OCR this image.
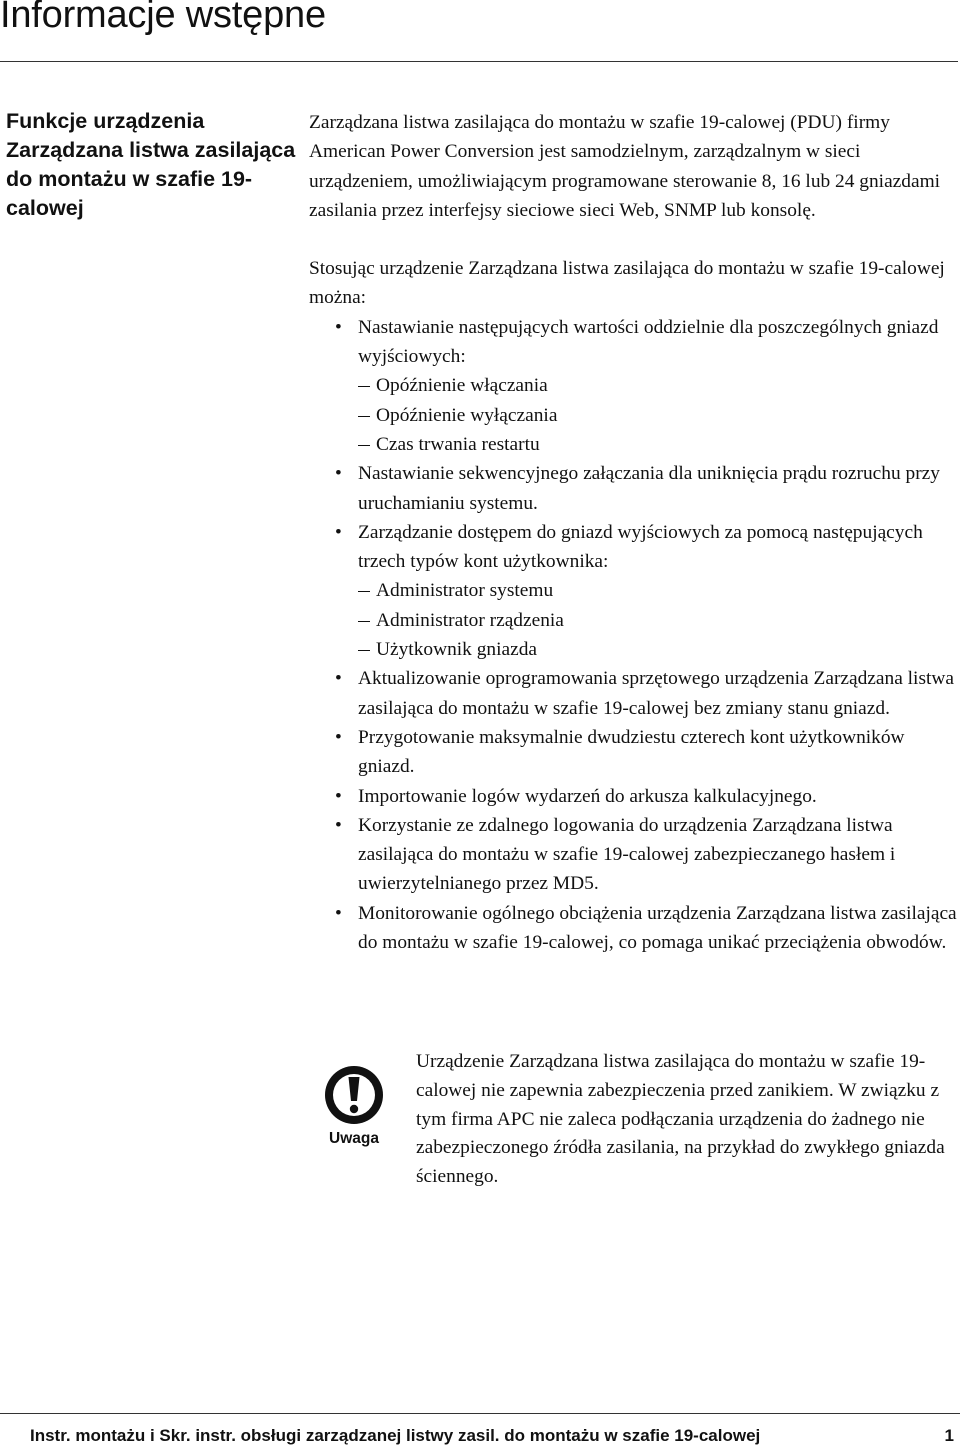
Informacje wstępne
Funkcje urządzenia Zarządzana listwa zasilająca do montażu w szafie 19-calowej

Zarządzana listwa zasilająca do montażu w szafie 19-calowej (PDU) firmy American Power Conversion jest samodzielnym, zarządzalnym w sieci urządzeniem, umożliwiającym programowane sterowanie 8, 16 lub 24 gniazdami zasilania przez interfejsy sieciowe sieci Web, SNMP lub konsolę.

Stosując urządzenie Zarządzana listwa zasilająca do montażu w szafie 19-calowej można:

• Nastawianie następujących wartości oddzielnie dla poszczególnych gniazd wyjściowych:
Opóźnienie włączania
Opóźnienie wyłączania
Czas trwania restartu
• Nastawianie sekwencyjnego załączania dla uniknięcia prądu rozruchu przy uruchamianiu systemu.
• Zarządzanie dostępem do gniazd wyjściowych za pomocą następujących trzech typów kont użytkownika:
Administrator systemu
Administrator rządzenia
Użytkownik gniazda
• Aktualizowanie oprogramowania sprzętowego urządzenia Zarządzana listwa zasilająca do montażu w szafie 19-calowej bez zmiany stanu gniazd.
• Przygotowanie maksymalnie dwudziestu czterech kont użytkowników gniazd.
• Importowanie logów wydarzeń do arkusza kalkulacyjnego.
• Korzystanie ze zdalnego logowania do urządzenia Zarządzana listwa zasilająca do montażu w szafie 19-calowej zabezpieczanego hasłem i uwierzytelnianego przez MD5.
• Monitorowanie ogólnego obciążenia urządzenia Zarządzana listwa zasilająca do montażu w szafie 19-calowej, co pomaga unikać przeciążenia obwodów.
Uwaga

Urządzenie Zarządzana listwa zasilająca do montażu w szafie 19-calowej nie zapewnia zabezpieczenia przed zanikiem. W związku z tym firma APC nie zaleca podłączania urządzenia do żadnego nie zabezpieczonego źródła zasilania, na przykład do zwykłego gniazda ściennego.

Instr. montażu i Skr. instr. obsługi zarządzanej listwy zasil. do montażu w szafie 19-calowej	1
